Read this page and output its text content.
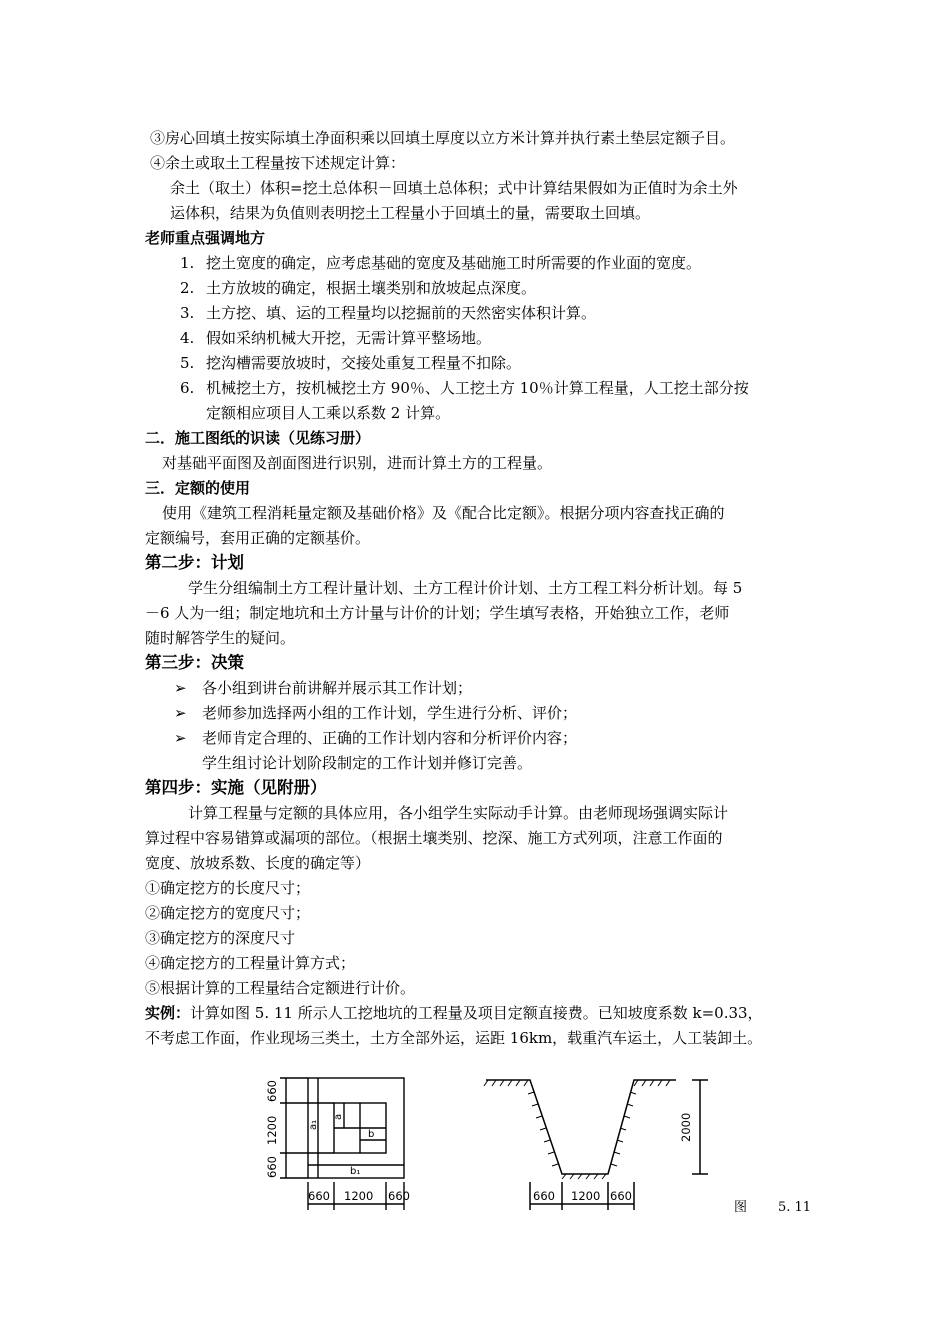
③房心回填土按实际填土净面积乘以回填土厚度以立方米计算并执行素土垫层定额子目。
④余土或取土工程量按下述规定计算：
余土（取土）体积=挖土总体积－回填土总体积；式中计算结果假如为正值时为余土外
运体积，结果为负值则表明挖土工程量小于回填土的量，需要取土回填。
老师重点强调地方
1. 挖土宽度的确定，应考虑基础的宽度及基础施工时所需要的作业面的宽度。
2. 土方放坡的确定，根据土壤类别和放坡起点深度。
3. 土方挖、填、运的工程量均以挖掘前的天然密实体积计算。
4. 假如采纳机械大开挖，无需计算平整场地。
5. 挖沟槽需要放坡时，交接处重复工程量不扣除。
6. 机械挖土方，按机械挖土方 90％、人工挖土方 10％计算工程量，人工挖土部分按
定额相应项目人工乘以系数 2 计算。
二．施工图纸的识读（见练习册）
对基础平面图及剖面图进行识别，进而计算土方的工程量。
三．定额的使用
使用《建筑工程消耗量定额及基础价格》及《配合比定额》。根据分项内容查找正确的
定额编号，套用正确的定额基价。
第二步：计划
学生分组编制土方工程计量计划、土方工程计价计划、土方工程工料分析计划。每 5
－6 人为一组；制定地坑和土方计量与计价的计划；学生填写表格，开始独立工作，老师
随时解答学生的疑问。
第三步：决策
➢ 各小组到讲台前讲解并展示其工作计划；
➢ 老师参加选择两小组的工作计划，学生进行分析、评价；
➢ 老师肯定合理的、正确的工作计划内容和分析评价内容；
学生组讨论计划阶段制定的工作计划并修订完善。
第四步：实施（见附册）
计算工程量与定额的具体应用，各小组学生实际动手计算。由老师现场强调实际计
算过程中容易错算或漏项的部位。（根据土壤类别、挖深、施工方式列项，注意工作面的
宽度、放坡系数、长度的确定等）
①确定挖方的长度尺寸；
②确定挖方的宽度尺寸；
③确定挖方的深度尺寸
④确定挖方的工程量计算方式；
⑤根据计算的工程量结合定额进行计价。
实例：计算如图 5. 11 所示人工挖地坑的工程量及项目定额直接费。已知坡度系数 k=0.33，
不考虑工作面，作业现场三类土，土方全部外运，运距 16km，载重汽车运土，人工装卸土。
660
1200
660
660 1200 660
a
b
a₁
b₁
660 1200 660
2000
图 5. 11
